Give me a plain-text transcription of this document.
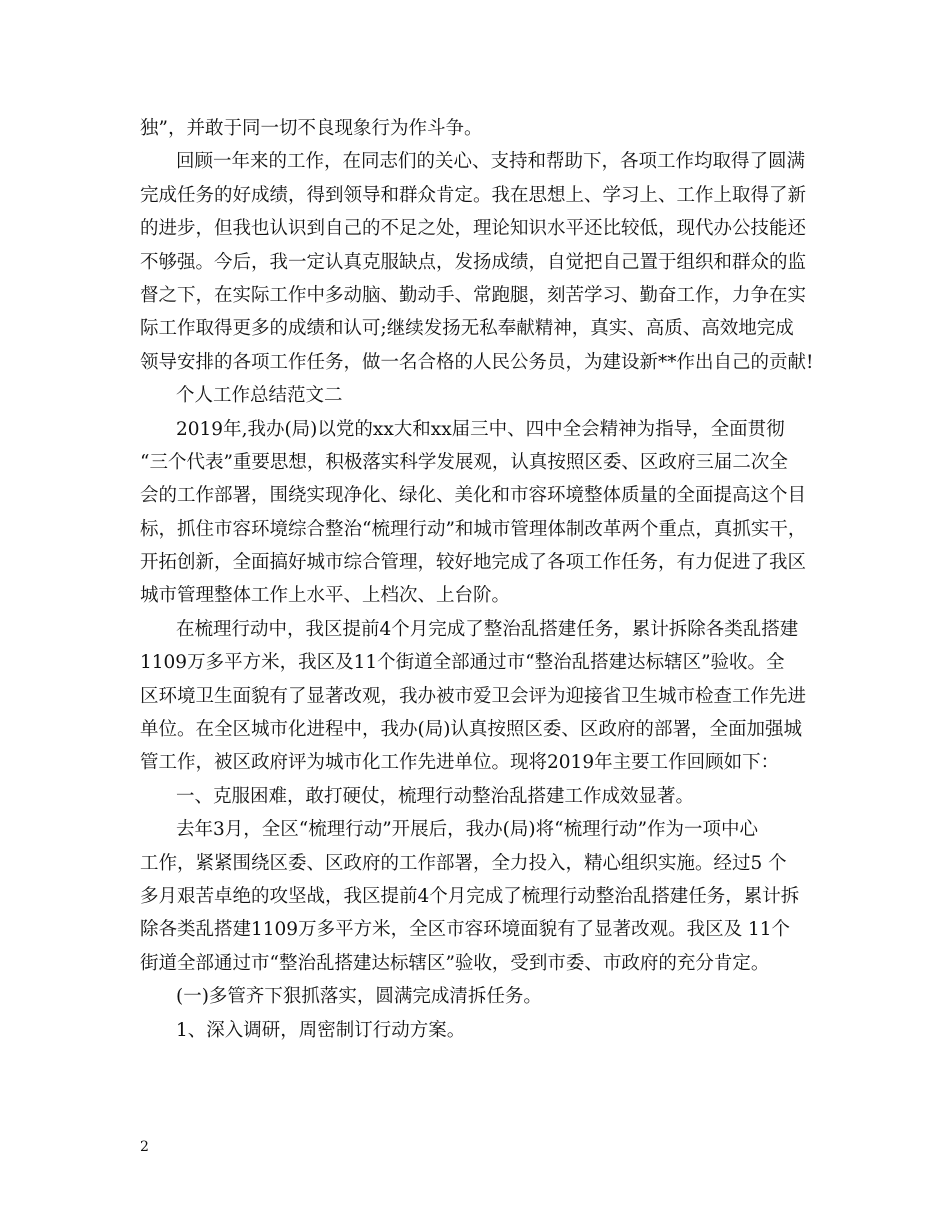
独”，并敢于同一切不良现象行为作斗争。
回顾一年来的工作，在同志们的关心、支持和帮助下，各项工作均取得了圆满
完成任务的好成绩，得到领导和群众肯定。我在思想上、学习上、工作上取得了新
的进步，但我也认识到自己的不足之处，理论知识水平还比较低，现代办公技能还
不够强。今后，我一定认真克服缺点，发扬成绩，自觉把自己置于组织和群众的监
督之下，在实际工作中多动脑、勤动手、常跑腿，刻苦学习、勤奋工作，力争在实
际工作取得更多的成绩和认可;继续发扬无私奉献精神，真实、高质、高效地完成
领导安排的各项工作任务，做一名合格的人民公务员，为建设新**作出自己的贡献!
个人工作总结范文二
2019年,我办(局)以党的xx大和xx届三中、四中全会精神为指导，全面贯彻
“三个代表”重要思想，积极落实科学发展观，认真按照区委、区政府三届二次全
会的工作部署，围绕实现净化、绿化、美化和市容环境整体质量的全面提高这个目
标，抓住市容环境综合整治“梳理行动”和城市管理体制改革两个重点，真抓实干，
开拓创新，全面搞好城市综合管理，较好地完成了各项工作任务，有力促进了我区
城市管理整体工作上水平、上档次、上台阶。
在梳理行动中，我区提前4个月完成了整治乱搭建任务，累计拆除各类乱搭建
1109万多平方米，我区及11个街道全部通过市“整治乱搭建达标辖区”验收。全
区环境卫生面貌有了显著改观，我办被市爱卫会评为迎接省卫生城市检查工作先进
单位。在全区城市化进程中，我办(局)认真按照区委、区政府的部署，全面加强城
管工作，被区政府评为城市化工作先进单位。现将2019年主要工作回顾如下：
一、克服困难，敢打硬仗，梳理行动整治乱搭建工作成效显著。
去年3月，全区“梳理行动”开展后，我办(局)将“梳理行动”作为一项中心
工作，紧紧围绕区委、区政府的工作部署，全力投入，精心组织实施。经过5 个
多月艰苦卓绝的攻坚战，我区提前4个月完成了梳理行动整治乱搭建任务，累计拆
除各类乱搭建1109万多平方米，全区市容环境面貌有了显著改观。我区及 11个
街道全部通过市“整治乱搭建达标辖区”验收，受到市委、市政府的充分肯定。
(一)多管齐下狠抓落实，圆满完成清拆任务。
1、深入调研，周密制订行动方案。
2
